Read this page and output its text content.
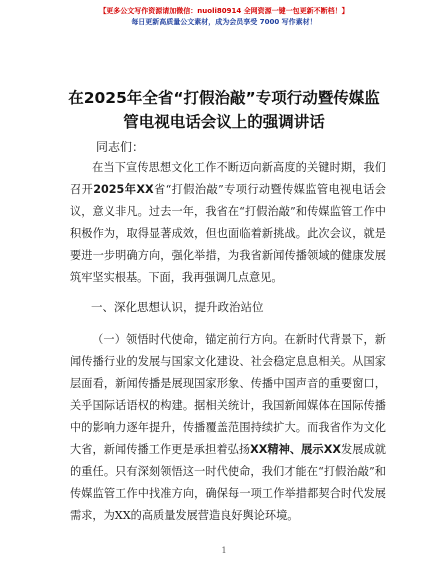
【更多公文写作资源请加微信：nuoli80914 全网资源一键一包更新不断档！】
每日更新高质量公文素材，成为会员享受 7000 写作素材！
在2025年全省“打假治敲”专项行动暨传媒监
管电视电话会议上的强调讲话
同志们：
在当下宣传思想文化工作不断迈向新高度的关键时期，我们召开2025年XX省“打假治敲”专项行动暨传媒监管电视电话会议，意义非凡。过去一年，我省在“打假治敲”和传媒监管工作中积极作为，取得显著成效，但也面临着新挑战。此次会议，就是要进一步明确方向，强化举措，为我省新闻传播领域的健康发展筑牢坚实根基。下面，我再强调几点意见。
一、深化思想认识，提升政治站位
（一）领悟时代使命，锚定前行方向。在新时代背景下，新闻传播行业的发展与国家文化建设、社会稳定息息相关。从国家层面看，新闻传播是展现国家形象、传播中国声音的重要窗口，关乎国际话语权的构建。据相关统计，我国新闻媒体在国际传播中的影响力逐年提升，传播覆盖范围持续扩大。而我省作为文化大省，新闻传播工作更是承担着弘扬XX精神、展示XX发展成就的重任。只有深刻领悟这一时代使命，我们才能在“打假治敲”和传媒监管工作中找准方向，确保每一项工作举措都契合时代发展需求，为XX的高质量发展营造良好舆论环境。
1
